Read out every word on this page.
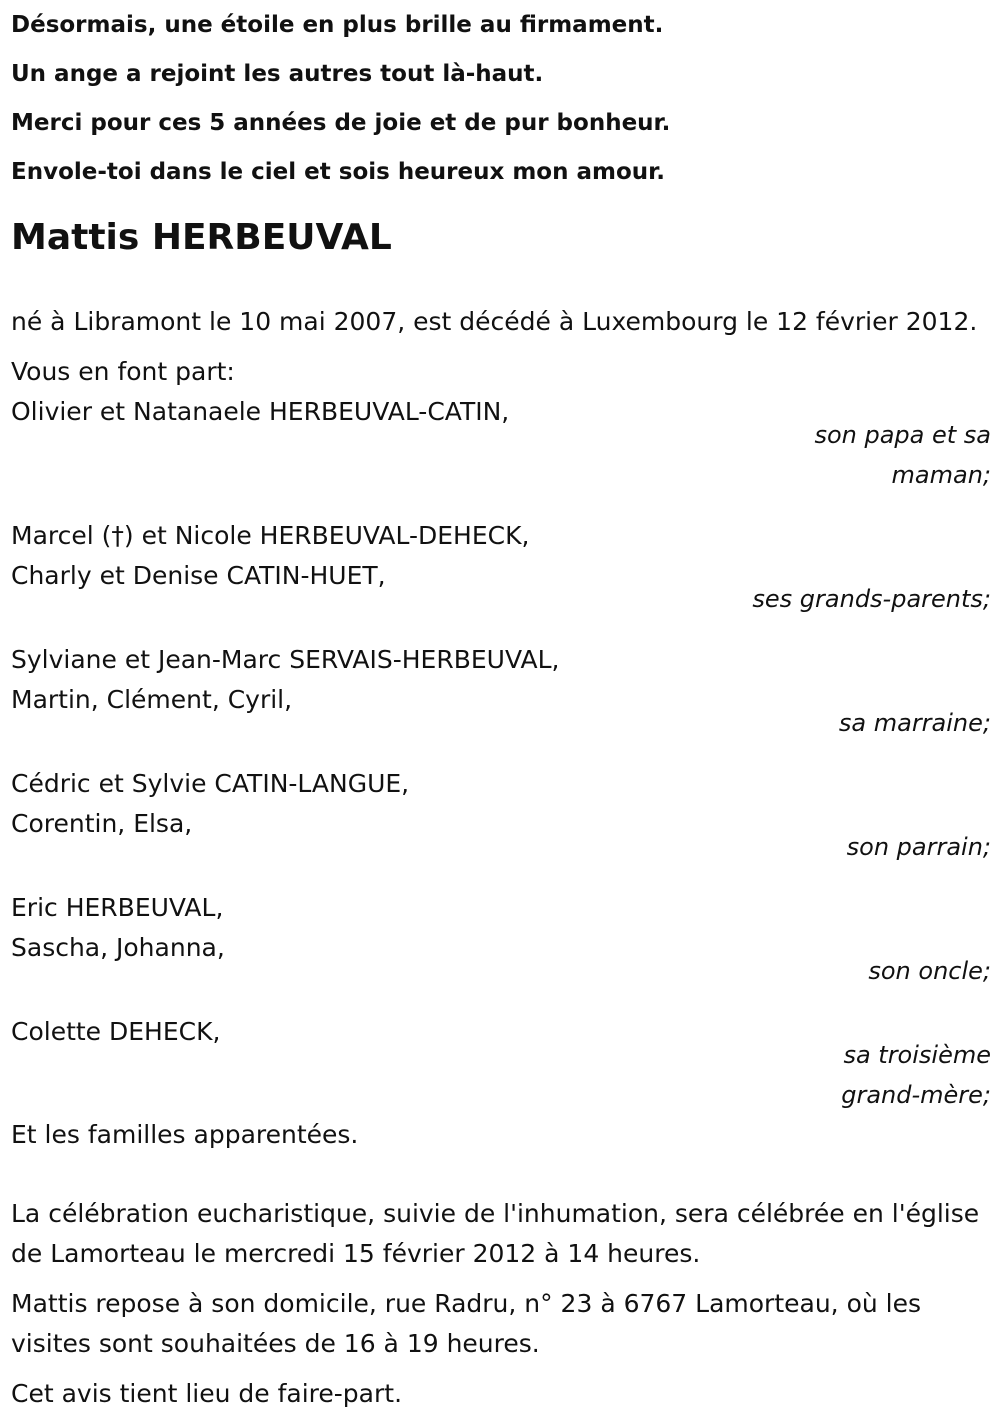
Désormais, une étoile en plus brille au firmament.
Un ange a rejoint les autres tout là-haut.
Merci pour ces 5 années de joie et de pur bonheur.
Envole-toi dans le ciel et sois heureux mon amour.
Mattis HERBEUVAL
né à Libramont le 10 mai 2007, est décédé à Luxembourg le 12 février 2012.
Vous en font part:
Olivier et Natanaele HERBEUVAL-CATIN,
son papa et sa
maman;
Marcel (†) et Nicole HERBEUVAL-DEHECK,
Charly et Denise CATIN-HUET,
ses grands-parents;
Sylviane et Jean-Marc SERVAIS-HERBEUVAL,
Martin, Clément, Cyril,
sa marraine;
Cédric et Sylvie CATIN-LANGUE,
Corentin, Elsa,
son parrain;
Eric HERBEUVAL,
Sascha, Johanna,
son oncle;
Colette DEHECK,
sa troisième
grand-mère;
Et les familles apparentées.
La célébration eucharistique, suivie de l'inhumation, sera célébrée en l'église de Lamorteau le mercredi 15 février 2012 à 14 heures.
Mattis repose à son domicile, rue Radru, n° 23 à 6767 Lamorteau, où les visites sont souhaitées de 16 à 19 heures.
Cet avis tient lieu de faire-part.
